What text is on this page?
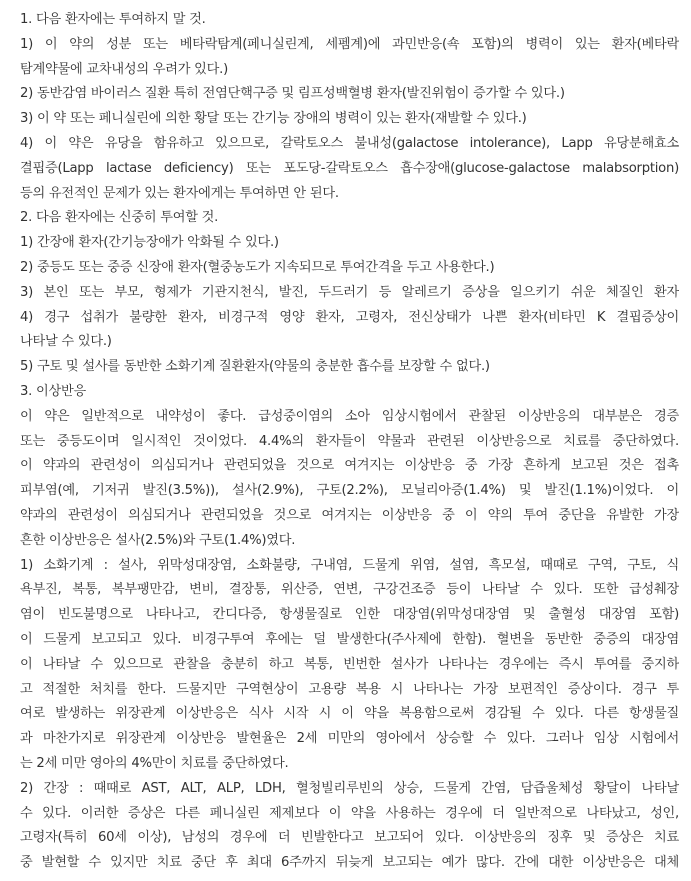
1. 다음 환자에는 투여하지 말 것.

1) 이 약의 성분 또는 베타락탐계(페니실린계, 세펨계)에 과민반응(쇽 포함)의 병력이 있는 환자(베타락

탐계약물에 교차내성의 우려가 있다.)

2) 동반감염 바이러스 질환 특히 전염단핵구증 및 림프성백혈병 환자(발진위험이 증가할 수 있다.)

3) 이 약 또는 페니실린에 의한 황달 또는 간기능 장애의 병력이 있는 환자(재발할 수 있다.)

4) 이 약은 유당을 함유하고 있으므로, 갈락토오스 불내성(galactose intolerance), Lapp 유당분해효소

결핍증(Lapp lactase deficiency) 또는 포도당-갈락토오스 흡수장애(glucose-galactose malabsorption)

등의 유전적인 문제가 있는 환자에게는 투여하면 안 된다.

2. 다음 환자에는 신중히 투여할 것.

1) 간장애 환자(간기능장애가 악화될 수 있다.)

2) 중등도 또는 중증 신장애 환자(혈중농도가 지속되므로 투여간격을 두고 사용한다.)

3) 본인 또는 부모, 형제가 기관지천식, 발진, 두드러기 등 알레르기 증상을 일으키기 쉬운 체질인 환자

4) 경구 섭취가 불량한 환자, 비경구적 영양 환자, 고령자, 전신상태가 나쁜 환자(비타민 K 결핍증상이

나타날 수 있다.)

5) 구토 및 설사를 동반한 소화기계 질환환자(약물의 충분한 흡수를 보장할 수 없다.)

3. 이상반응

이 약은 일반적으로 내약성이 좋다. 급성중이염의 소아 임상시험에서 관찰된 이상반응의 대부분은 경증

또는 중등도이며 일시적인 것이었다. 4.4%의 환자들이 약물과 관련된 이상반응으로 치료를 중단하였다.

이 약과의 관련성이 의심되거나 관련되었을 것으로 여겨지는 이상반응 중 가장 흔하게 보고된 것은 접촉

피부염(예, 기저귀 발진(3.5%)), 설사(2.9%), 구토(2.2%), 모닐리아증(1.4%) 및 발진(1.1%)이었다. 이

약과의 관련성이 의심되거나 관련되었을 것으로 여겨지는 이상반응 중 이 약의 투여 중단을 유발한 가장

흔한 이상반응은 설사(2.5%)와 구토(1.4%)였다.

1) 소화기계 : 설사, 위막성대장염, 소화불량, 구내염, 드물게 위염, 설염, 흑모설, 때때로 구역, 구토, 식

욕부진, 복통, 복부팽만감, 변비, 결장통, 위산증, 연변, 구강건조증 등이 나타날 수 있다. 또한 급성췌장

염이 빈도불명으로 나타나고, 칸디다증, 항생물질로 인한 대장염(위막성대장염 및 출혈성 대장염 포함)

이 드물게 보고되고 있다. 비경구투여 후에는 덜 발생한다(주사제에 한함). 혈변을 동반한 중증의 대장염

이 나타날 수 있으므로 관찰을 충분히 하고 복통, 빈번한 설사가 나타나는 경우에는 즉시 투여를 중지하

고 적절한 처치를 한다. 드물지만 구역현상이 고용량 복용 시 나타나는 가장 보편적인 증상이다. 경구 투

여로 발생하는 위장관계 이상반응은 식사 시작 시 이 약을 복용함으로써 경감될 수 있다. 다른 항생물질

과 마찬가지로 위장관계 이상반응 발현율은 2세 미만의 영아에서 상승할 수 있다. 그러나 임상 시험에서

는 2세 미만 영아의 4%만이 치료를 중단하였다.

2) 간장 : 때때로 AST, ALT, ALP, LDH, 혈청빌리루빈의 상승, 드물게 간염, 담즙울체성 황달이 나타날

수 있다. 이러한 증상은 다른 페니실린 제제보다 이 약을 사용하는 경우에 더 일반적으로 나타났고, 성인,

고령자(특히 60세 이상), 남성의 경우에 더 빈발한다고 보고되어 있다. 이상반응의 징후 및 증상은 치료

중 발현할 수 있지만 치료 중단 후 최대 6주까지 뒤늦게 보고되는 예가 많다. 간에 대한 이상반응은 대체
